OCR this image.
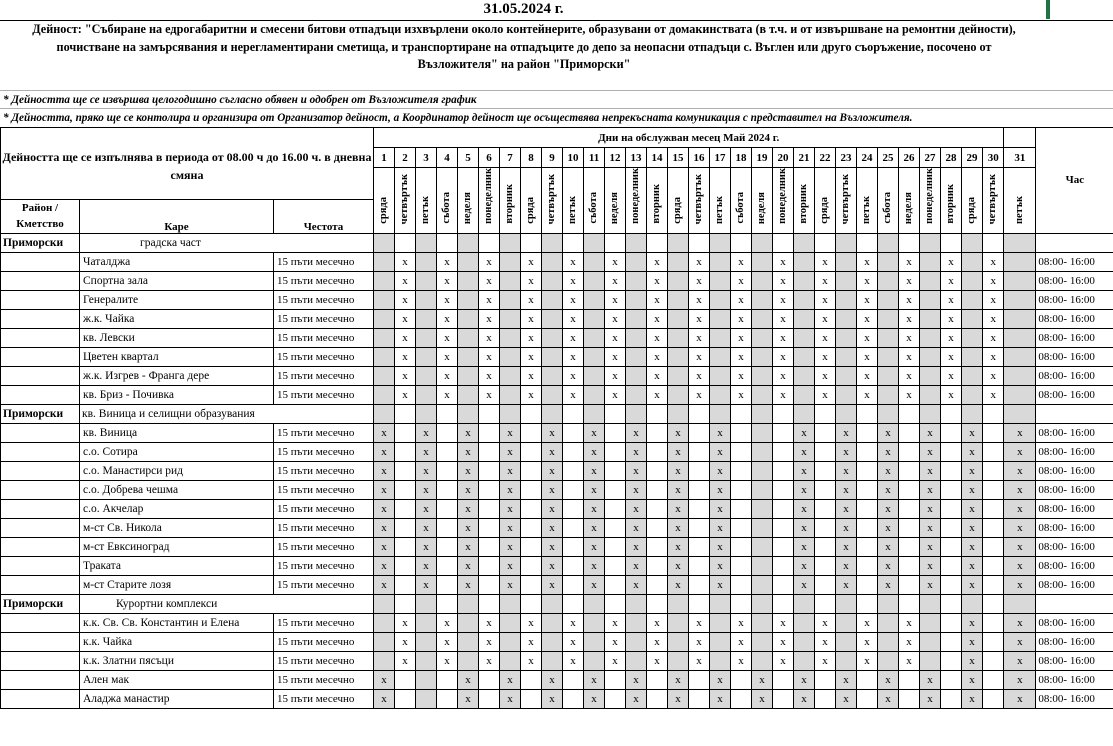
31.05.2024 г.
Дейност: "Събиране на едрогабаритни и смесени битови отпадъци изхвърлени около контейнерите, образувани от домакинствата (в т.ч. и от извършване на ремонтни дейности),
почистване на замърсявания и нерегламентирани сметища, и транспортиране на отпадъците до депо за неопасни отпадъци с. Въглен или друго съоръжение, посочено от
Възложителя" на район "Приморски"
* Дейността ще се извършва целогодишно съгласно обявен и одобрен от Възложителя график
* Дейността, пряко ще се контолира и организира от Организатор дейност, а Координатор дейност ще осъществява непрекъсната комуникация с представител на Възложителя.
Дейността ще се изпълнява в периода от 08.00 ч до 16.00 ч. в дневна смяна			Дни на обслужван месец Май 2024 г.																															Час
			1	2	3	4	5	6	7	8	9	10	11	12	13	14	15	16	17	18	19	20	21	22	23	24	25	26	27	28	29	30	31	
			сряда	четвъртък	петък	събота	неделя	понеделник	вторник	сряда	четвъртък	петък	събота	неделя	понеделник	вторник	сряда	четвъртък	петък	събота	неделя	понеделник	вторник	сряда	четвъртък	петък	събота	неделя	понеделник	вторник	сряда	четвъртък	петък	
Район /Кметство	Каре	Честота																																
Приморски	градска част																																	
	Чаталджа	15 пъти месечно		x		x		x		x		x		x		x		x		x		x		x		x		x		x		x		08:00- 16:00
	Спортна зала	15 пъти месечно		x		x		x		x		x		x		x		x		x		x		x		x		x		x		x		08:00- 16:00
	Генералите	15 пъти месечно		x		x		x		x		x		x		x		x		x		x		x		x		x		x		x		08:00- 16:00
	ж.к. Чайка	15 пъти месечно		x		x		x		x		x		x		x		x		x		x		x		x		x		x		x		08:00- 16:00
	кв. Левски	15 пъти месечно		x		x		x		x		x		x		x		x		x		x		x		x		x		x		x		08:00- 16:00
	Цветен квартал	15 пъти месечно		x		x		x		x		x		x		x		x		x		x		x		x		x		x		x		08:00- 16:00
	ж.к. Изгрев - Франга дере	15 пъти месечно		x		x		x		x		x		x		x		x		x		x		x		x		x		x		x		08:00- 16:00
	кв. Бриз - Почивка	15 пъти месечно		x		x		x		x		x		x		x		x		x		x		x		x		x		x		x		08:00- 16:00
Приморски	кв. Виница и селищни образувания																																	
	кв. Виница	15 пъти месечно	x		x		x		x		x		x		x		x		x				x		x		x		x		x		x	08:00- 16:00
	с.о. Сотира	15 пъти месечно	x		x		x		x		x		x		x		x		x				x		x		x		x		x		x	08:00- 16:00
	с.о. Манастирси рид	15 пъти месечно	x		x		x		x		x		x		x		x		x				x		x		x		x		x		x	08:00- 16:00
	с.о. Добрева чешма	15 пъти месечно	x		x		x		x		x		x		x		x		x				x		x		x		x		x		x	08:00- 16:00
	с.о. Акчелар	15 пъти месечно	x		x		x		x		x		x		x		x		x				x		x		x		x		x		x	08:00- 16:00
	м-ст Св. Никола	15 пъти месечно	x		x		x		x		x		x		x		x		x				x		x		x		x		x		x	08:00- 16:00
	м-ст Евксиноград	15 пъти месечно	x		x		x		x		x		x		x		x		x				x		x		x		x		x		x	08:00- 16:00
	Траката	15 пъти месечно	x		x		x		x		x		x		x		x		x				x		x		x		x		x		x	08:00- 16:00
	м-ст Старите лозя	15 пъти месечно	x		x		x		x		x		x		x		x		x				x		x		x		x		x		x	08:00- 16:00
Приморски	Курортни комплекси																																	
	к.к. Св. Св. Константин и Елена	15 пъти месечно		x		x		x		x		x		x		x		x		x		x		x		x		x			x		x	08:00- 16:00
	к.к. Чайка	15 пъти месечно		x		x		x		x		x		x		x		x		x		x		x		x		x			x		x	08:00- 16:00
	к.к. Златни пясъци	15 пъти месечно		x		x		x		x		x		x		x		x		x		x		x		x		x			x		x	08:00- 16:00
	Ален мак	15 пъти месечно	x				x		x		x		x		x		x		x		x		x		x		x		x		x		x	08:00- 16:00
	Аладжа манастир	15 пъти месечно	x				x		x		x		x		x		x		x		x		x		x		x		x		x		x	08:00- 16:00
